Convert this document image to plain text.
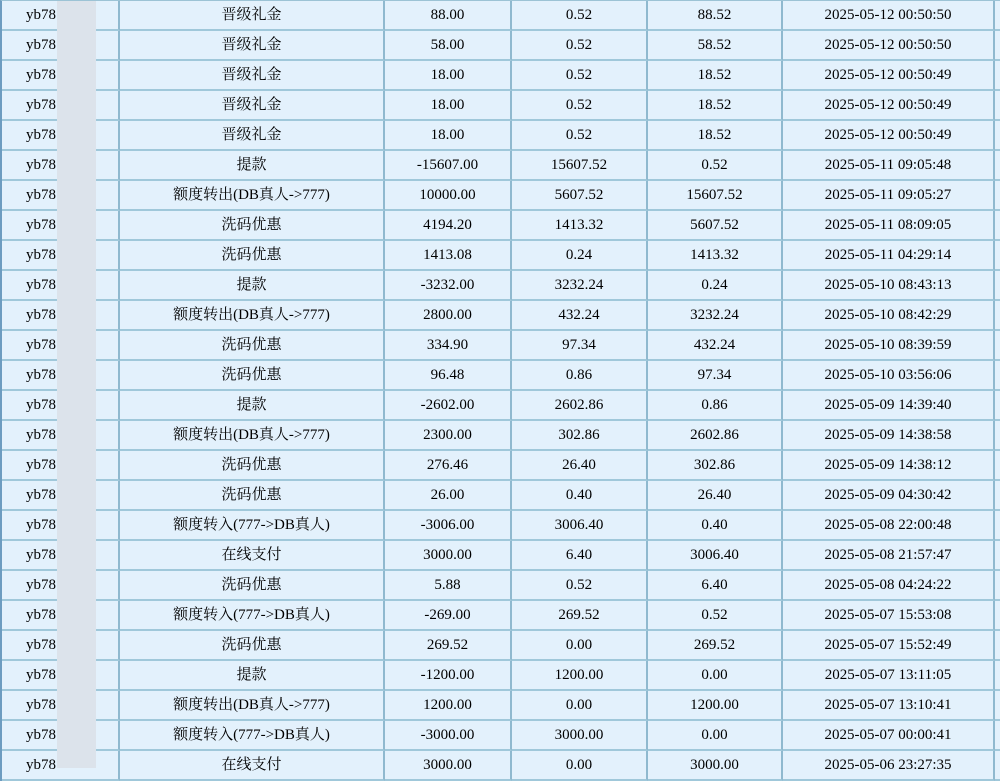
yb78	晋级礼金	88.00	0.52	88.52	2025-05-12 00:50:50
yb78	晋级礼金	58.00	0.52	58.52	2025-05-12 00:50:50
yb78	晋级礼金	18.00	0.52	18.52	2025-05-12 00:50:49
yb78	晋级礼金	18.00	0.52	18.52	2025-05-12 00:50:49
yb78	晋级礼金	18.00	0.52	18.52	2025-05-12 00:50:49
yb78	提款	-15607.00	15607.52	0.52	2025-05-11 09:05:48
yb78	额度转出(DB真人->777)	10000.00	5607.52	15607.52	2025-05-11 09:05:27
yb78	洗码优惠	4194.20	1413.32	5607.52	2025-05-11 08:09:05
yb78	洗码优惠	1413.08	0.24	1413.32	2025-05-11 04:29:14
yb78	提款	-3232.00	3232.24	0.24	2025-05-10 08:43:13
yb78	额度转出(DB真人->777)	2800.00	432.24	3232.24	2025-05-10 08:42:29
yb78	洗码优惠	334.90	97.34	432.24	2025-05-10 08:39:59
yb78	洗码优惠	96.48	0.86	97.34	2025-05-10 03:56:06
yb78	提款	-2602.00	2602.86	0.86	2025-05-09 14:39:40
yb78	额度转出(DB真人->777)	2300.00	302.86	2602.86	2025-05-09 14:38:58
yb78	洗码优惠	276.46	26.40	302.86	2025-05-09 14:38:12
yb78	洗码优惠	26.00	0.40	26.40	2025-05-09 04:30:42
yb78	额度转入(777->DB真人)	-3006.00	3006.40	0.40	2025-05-08 22:00:48
yb78	在线支付	3000.00	6.40	3006.40	2025-05-08 21:57:47
yb78	洗码优惠	5.88	0.52	6.40	2025-05-08 04:24:22
yb78	额度转入(777->DB真人)	-269.00	269.52	0.52	2025-05-07 15:53:08
yb78	洗码优惠	269.52	0.00	269.52	2025-05-07 15:52:49
yb78	提款	-1200.00	1200.00	0.00	2025-05-07 13:11:05
yb78	额度转出(DB真人->777)	1200.00	0.00	1200.00	2025-05-07 13:10:41
yb78	额度转入(777->DB真人)	-3000.00	3000.00	0.00	2025-05-07 00:00:41
yb78	在线支付	3000.00	0.00	3000.00	2025-05-06 23:27:35
